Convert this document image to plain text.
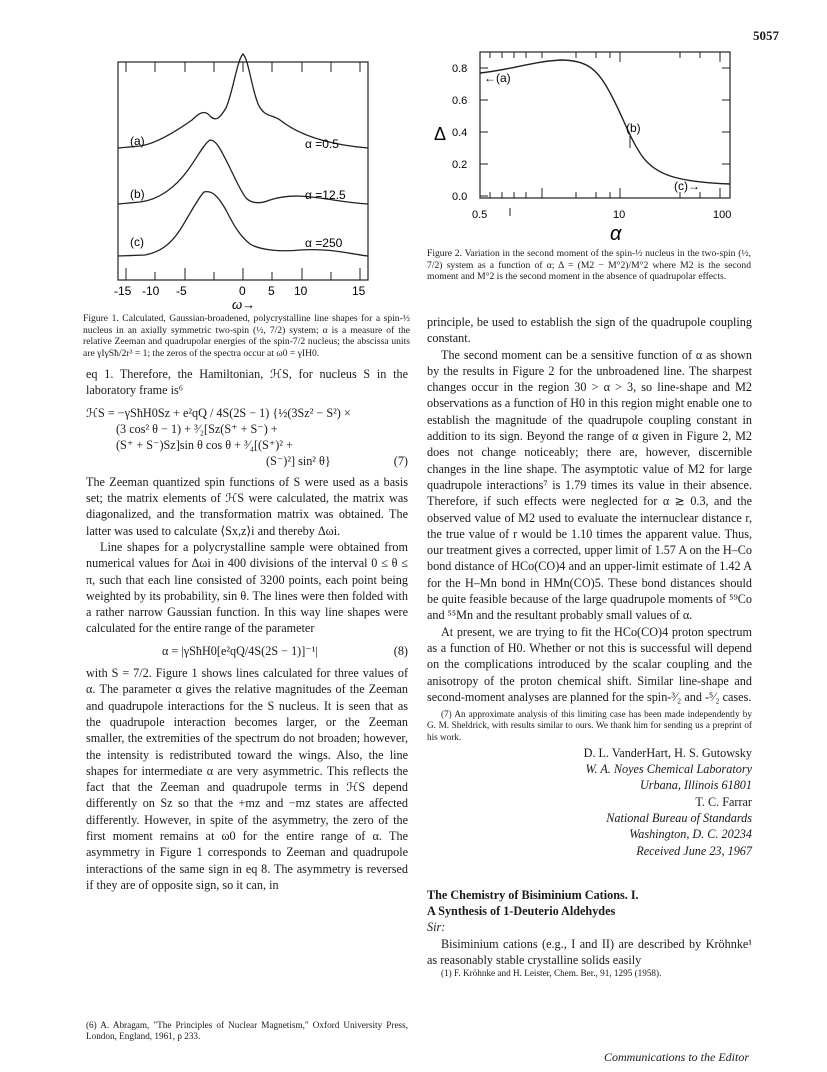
5057
(a)
(b)
(c)
α =0.5
α =12.5
α =250
-15 -10 -5	0 5 10	15
ω→
Figure 1. Calculated, Gaussian-broadened, polycrystalline line shapes for a spin-½ nucleus in an axially symmetric two-spin (½, 7/2) system; α is a measure of the relative Zeeman and quadrupolar energies of the spin-7/2 nucleus; the abscissa units are γIγSħ/2r³ = 1; the zeros of the spectra occur at ω0 = γIH0.
0.8
0.6
0.4
0.2
0.0
Δ
0.5	10	100
α
←(a)
(b)
(c)→
Figure 2. Variation in the second moment of the spin-½ nucleus in the two-spin (½, 7/2) system as a function of α; Δ = (M2 − M°2)/M°2 where M2 is the second moment and M°2 is the second moment in the absence of quadrupolar effects.

eq 1. Therefore, the Hamiltonian, ℋS, for nucleus S in the laboratory frame is⁶

ℋS = −γSħH0Sz + e²qQ / 4S(2S − 1) {½(3Sz² − S²) ×
(3 cos² θ − 1) + ³⁄₂[Sz(S⁺ + S⁻) +
(S⁺ + S⁻)Sz]sin θ cos θ + ³⁄₄[(S⁺)² +
(S⁻)²] sin² θ}	(7)

The Zeeman quantized spin functions of S were used as a basis set; the matrix elements of ℋS were calculated, the matrix was diagonalized, and the transformation matrix was obtained. The latter was used to calculate ⟨Sx,z⟩i and thereby Δωi.

Line shapes for a polycrystalline sample were obtained from numerical values for Δωi in 400 divisions of the interval 0 ≤ θ ≤ π, such that each line consisted of 3200 points, each point being weighted by its probability, sin θ. The lines were then folded with a rather narrow Gaussian function. In this way line shapes were calculated for the entire range of the parameter

α = |γSħH0[e²qQ/4S(2S − 1)]⁻¹|	(8)

with S = 7/2. Figure 1 shows lines calculated for three values of α. The parameter α gives the relative magnitudes of the Zeeman and quadrupole interactions for the S nucleus. It is seen that as the quadrupole interaction becomes larger, or the Zeeman smaller, the extremities of the spectrum do not broaden; however, the intensity is redistributed toward the wings. Also, the line shapes for intermediate α are very asymmetric. This reflects the fact that the Zeeman and quadrupole terms in ℋS depend differently on Sz so that the +mz and −mz states are affected differently. However, in spite of the asymmetry, the zero of the first moment remains at ω0 for the entire range of α. The asymmetry in Figure 1 corresponds to Zeeman and quadrupole interactions of the same sign in eq 8. The asymmetry is reversed if they are of opposite sign, so it can, in

(6) A. Abragam, "The Principles of Nuclear Magnetism," Oxford University Press, London, England, 1961, p 233.

principle, be used to establish the sign of the quadrupole coupling constant.

The second moment can be a sensitive function of α as shown by the results in Figure 2 for the unbroadened line. The sharpest changes occur in the region 30 > α > 3, so line-shape and M2 observations as a function of H0 in this region might enable one to establish the magnitude of the quadrupole coupling constant in addition to its sign. Beyond the range of α given in Figure 2, M2 does not change noticeably; there are, however, discernible changes in the line shape. The asymptotic value of M2 for large quadrupole interactions⁷ is 1.79 times its value in their absence. Therefore, if such effects were neglected for α ≳ 0.3, and the observed value of M2 used to evaluate the internuclear distance r, the true value of r would be 1.10 times the apparent value. Thus, our treatment gives a corrected, upper limit of 1.57 A on the H–Co bond distance of HCo(CO)4 and an upper-limit estimate of 1.42 A for the H–Mn bond in HMn(CO)5. These bond distances should be quite feasible because of the large quadrupole moments of ⁵⁹Co and ⁵⁵Mn and the resultant probably small values of α.

At present, we are trying to fit the HCo(CO)4 proton spectrum as a function of H0. Whether or not this is successful will depend on the complications introduced by the scalar coupling and the anisotropy of the proton chemical shift. Similar line-shape and second-moment analyses are planned for the spin-³⁄₂ and -⁵⁄₂ cases.

(7) An approximate analysis of this limiting case has been made independently by G. M. Sheldrick, with results similar to ours. We thank him for sending us a preprint of his work.

D. L. VanderHart, H. S. Gutowsky
W. A. Noyes Chemical Laboratory
Urbana, Illinois 61801
T. C. Farrar
National Bureau of Standards
Washington, D. C. 20234
Received June 23, 1967
The Chemistry of Bisiminium Cations. I.
A Synthesis of 1-Deuterio Aldehydes
Sir:

Bisiminium cations (e.g., I and II) are described by Kröhnke¹ as reasonably stable crystalline solids easily

(1) F. Kröhnke and H. Leister, Chem. Ber., 91, 1295 (1958).

Communications to the Editor
